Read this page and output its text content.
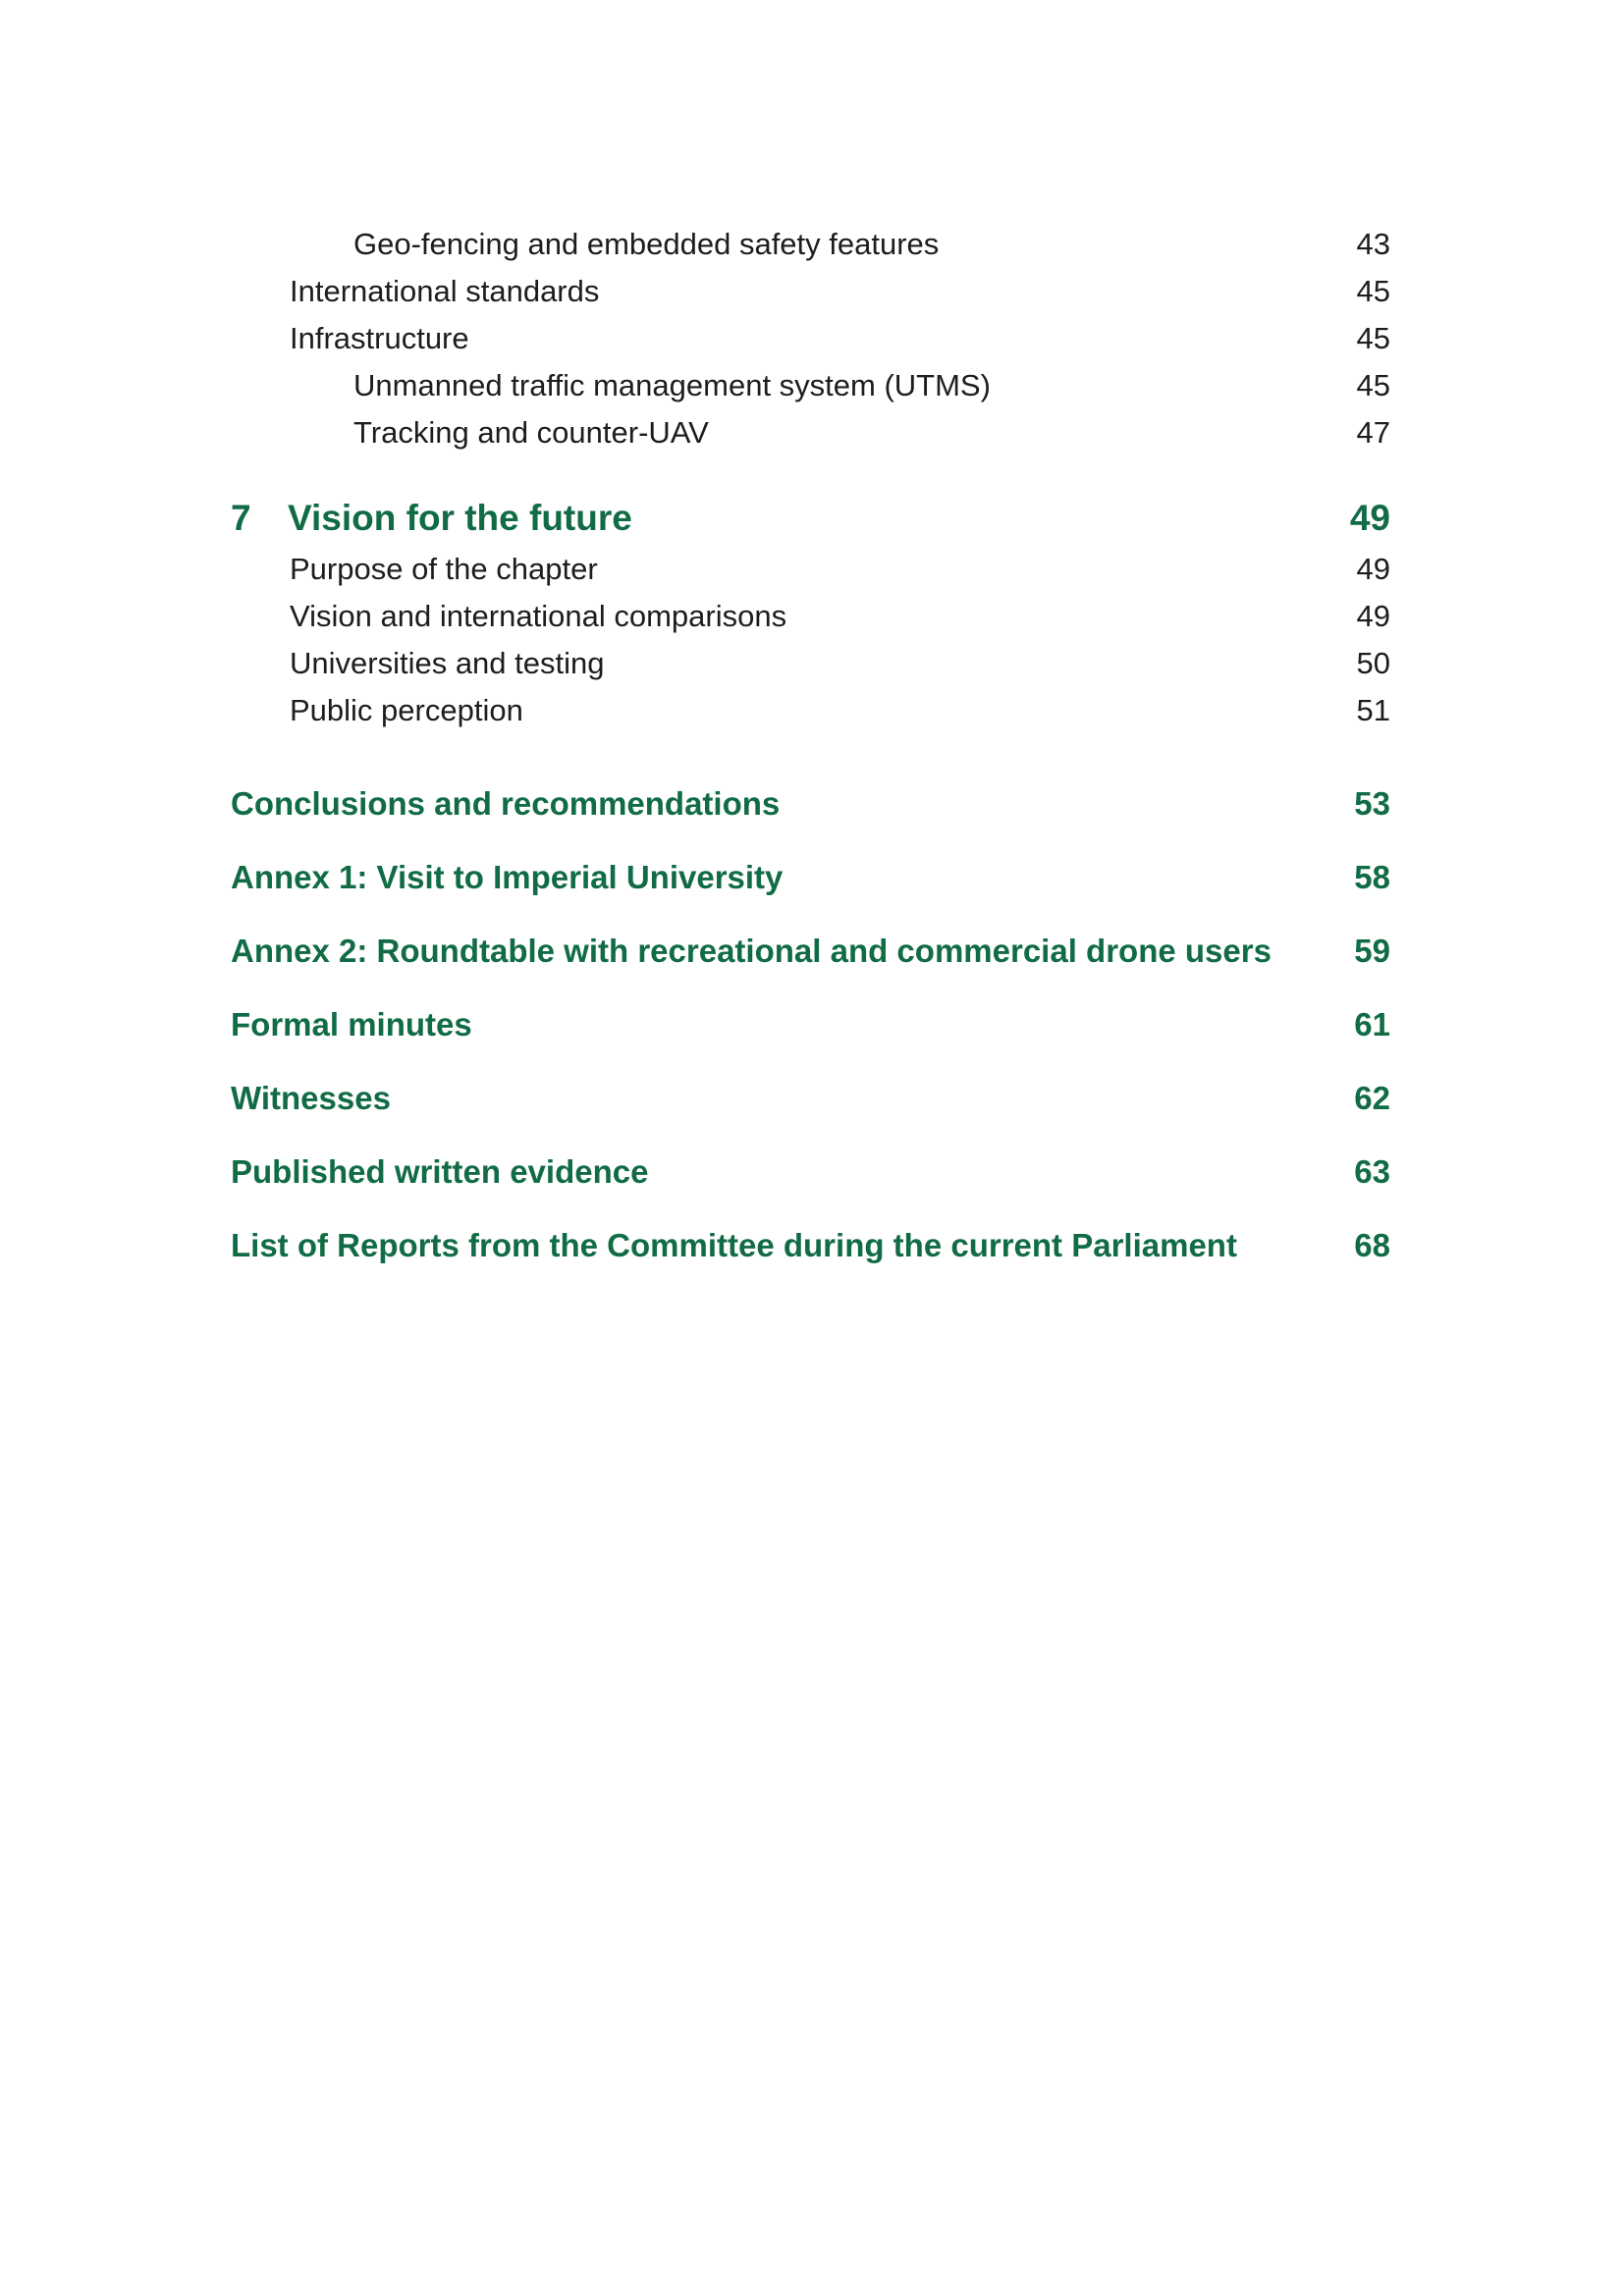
Geo-fencing and embedded safety features	43
International standards	45
Infrastructure	45
Unmanned traffic management system (UTMS)	45
Tracking and counter-UAV	47
7	Vision for the future	49
Purpose of the chapter	49
Vision and international comparisons	49
Universities and testing	50
Public perception	51
Conclusions and recommendations	53
Annex 1: Visit to Imperial University	58
Annex 2: Roundtable with recreational and commercial drone users	59
Formal minutes	61
Witnesses	62
Published written evidence	63
List of Reports from the Committee during the current Parliament	68
